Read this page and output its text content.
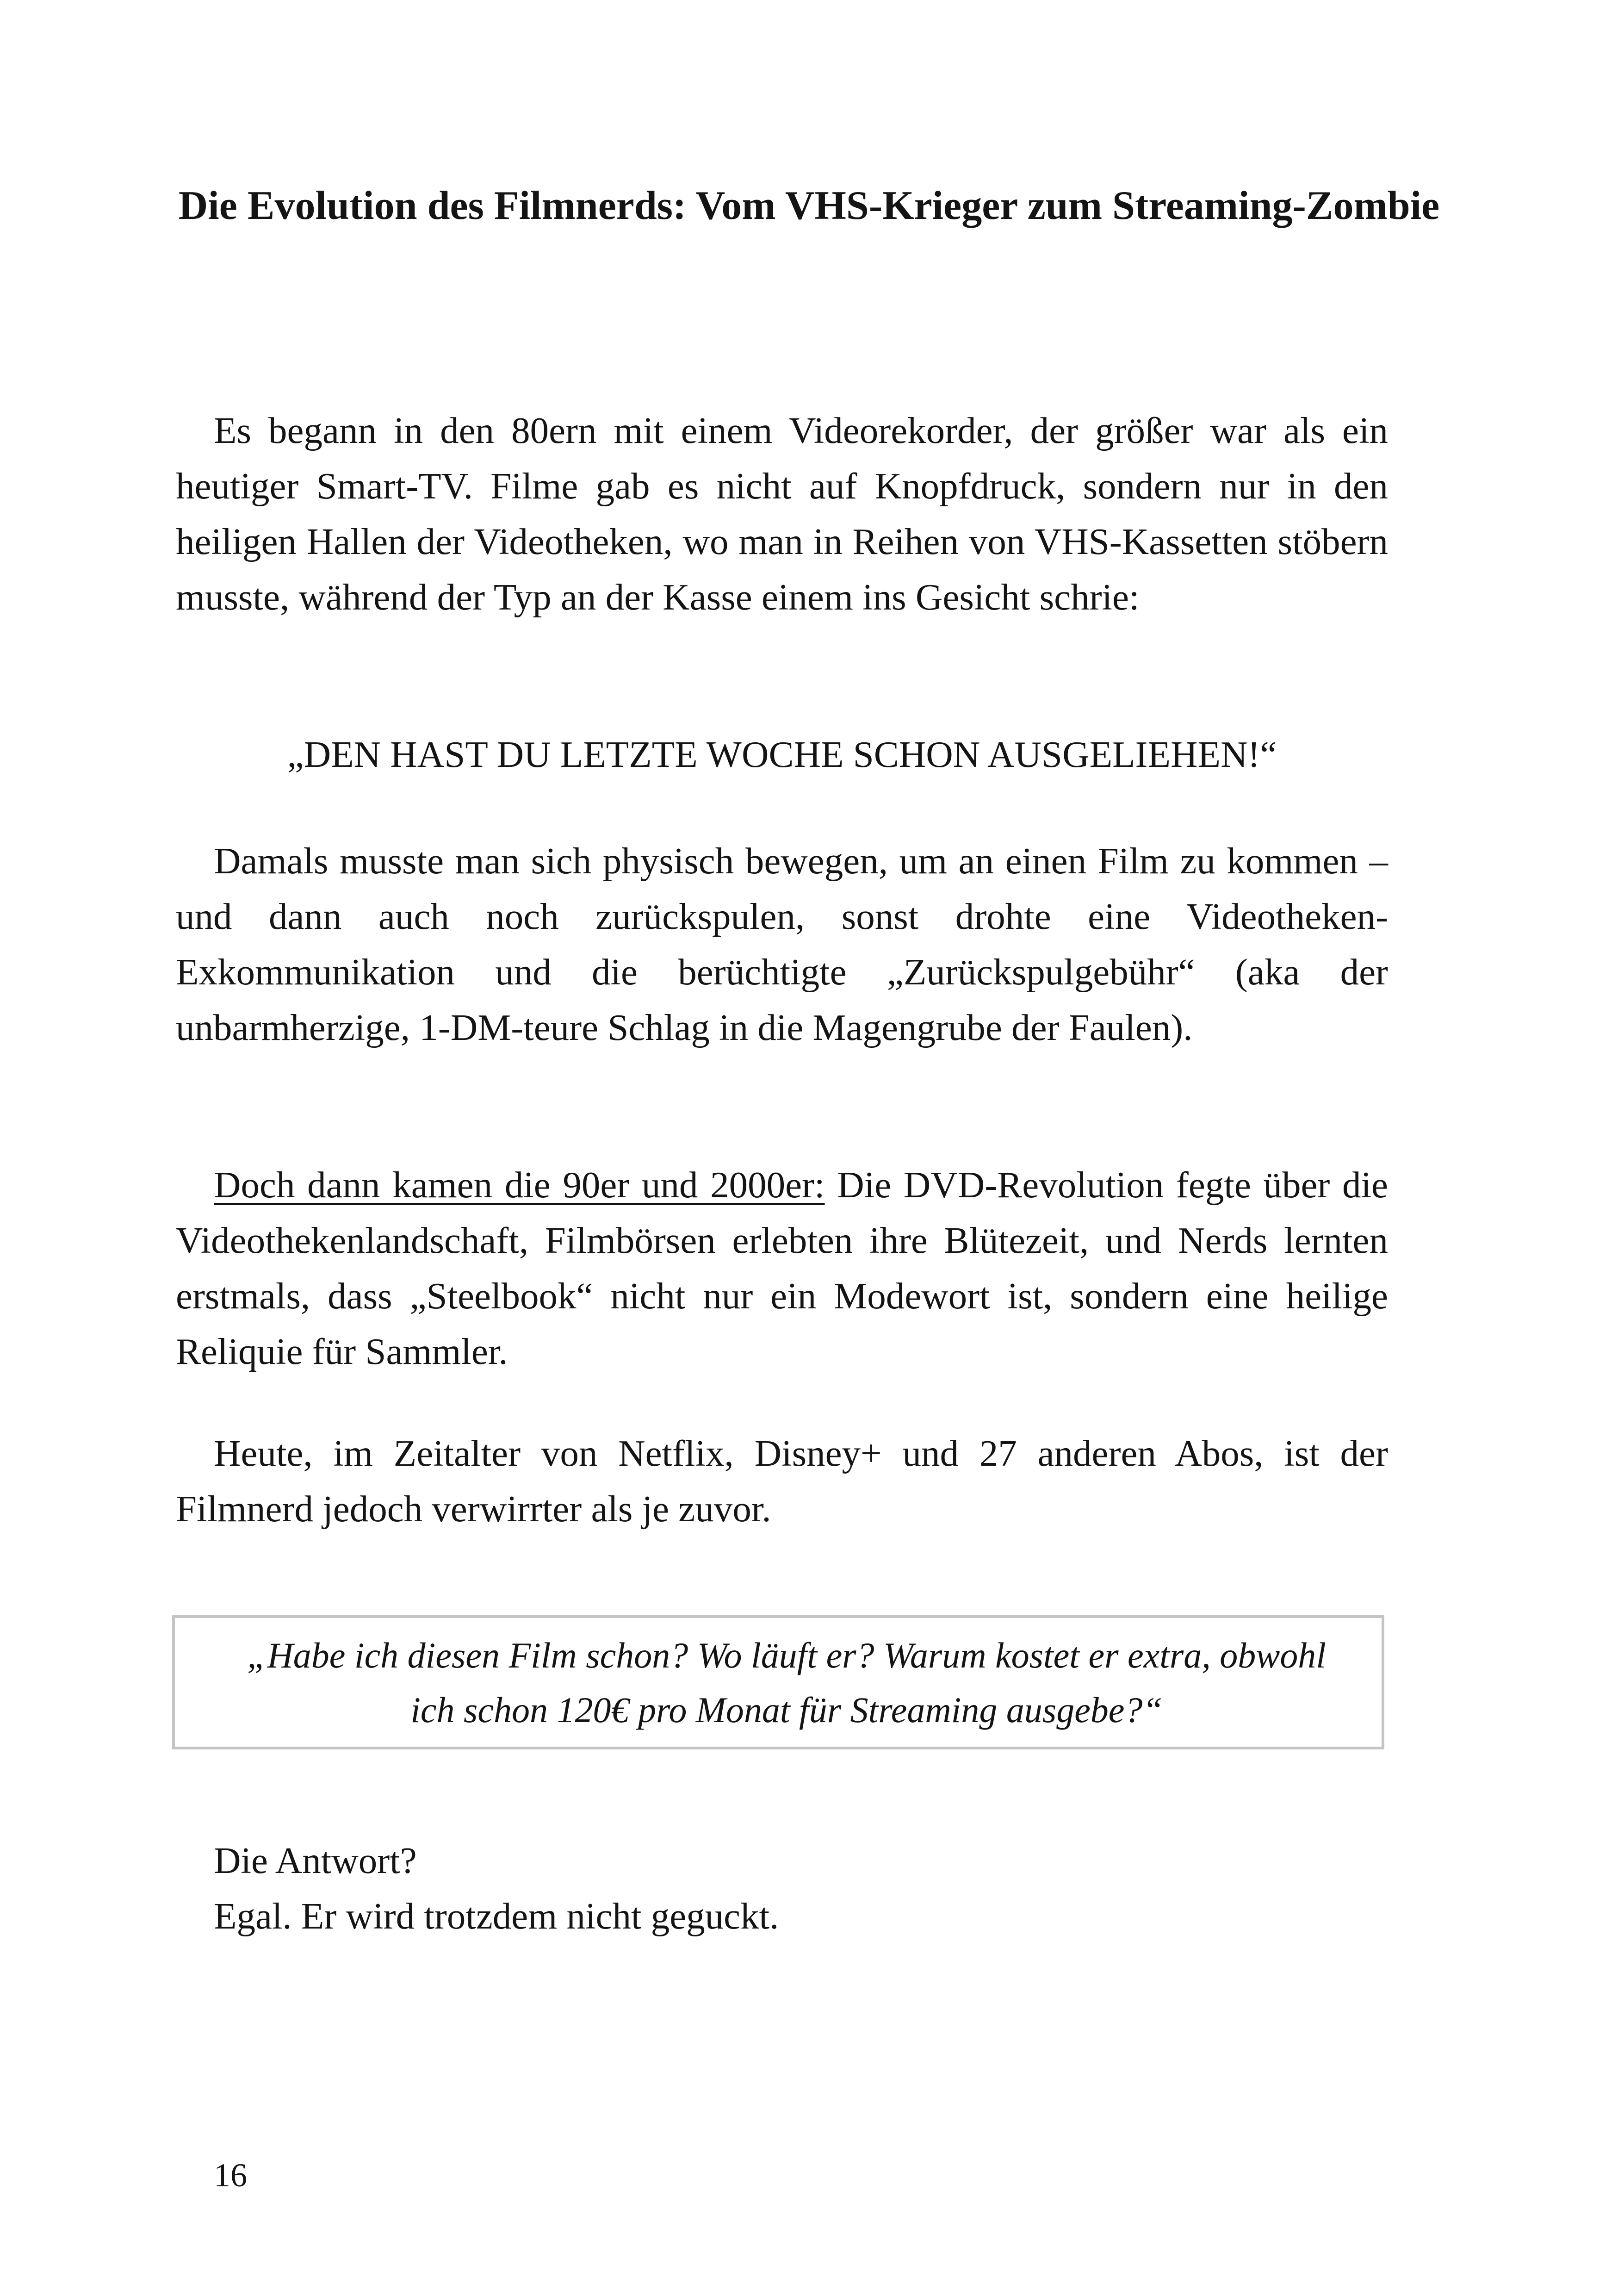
Die Evolution des Filmnerds: Vom VHS-Krieger zum Streaming-Zombie

Es begann in den 80ern mit einem Videorekorder, der größer war als ein heutiger Smart-TV. Filme gab es nicht auf Knopfdruck, sondern nur in den heiligen Hallen der Videotheken, wo man in Reihen von VHS-Kassetten stöbern musste, während der Typ an der Kasse einem ins Gesicht schrie:

„DEN HAST DU LETZTE WOCHE SCHON AUSGELIEHEN!“

Damals musste man sich physisch bewegen, um an einen Film zu kommen – und dann auch noch zurückspulen, sonst drohte eine Videotheken-Exkommunikation und die berüchtigte „Zurückspulgebühr“ (aka der unbarmherzige, 1-DM-teure Schlag in die Magengrube der Faulen).

Doch dann kamen die 90er und 2000er: Die DVD-Revolution fegte über die Videothekenlandschaft, Filmbörsen erlebten ihre Blütezeit, und Nerds lernten erstmals, dass „Steelbook“ nicht nur ein Modewort ist, sondern eine heilige Reliquie für Sammler.

Heute, im Zeitalter von Netflix, Disney+ und 27 anderen Abos, ist der Filmnerd jedoch verwirrter als je zuvor.

„Habe ich diesen Film schon? Wo läuft er? Warum kostet er extra, obwohl ich schon 120€ pro Monat für Streaming ausgebe?“

Die Antwort?
Egal. Er wird trotzdem nicht geguckt.
16
